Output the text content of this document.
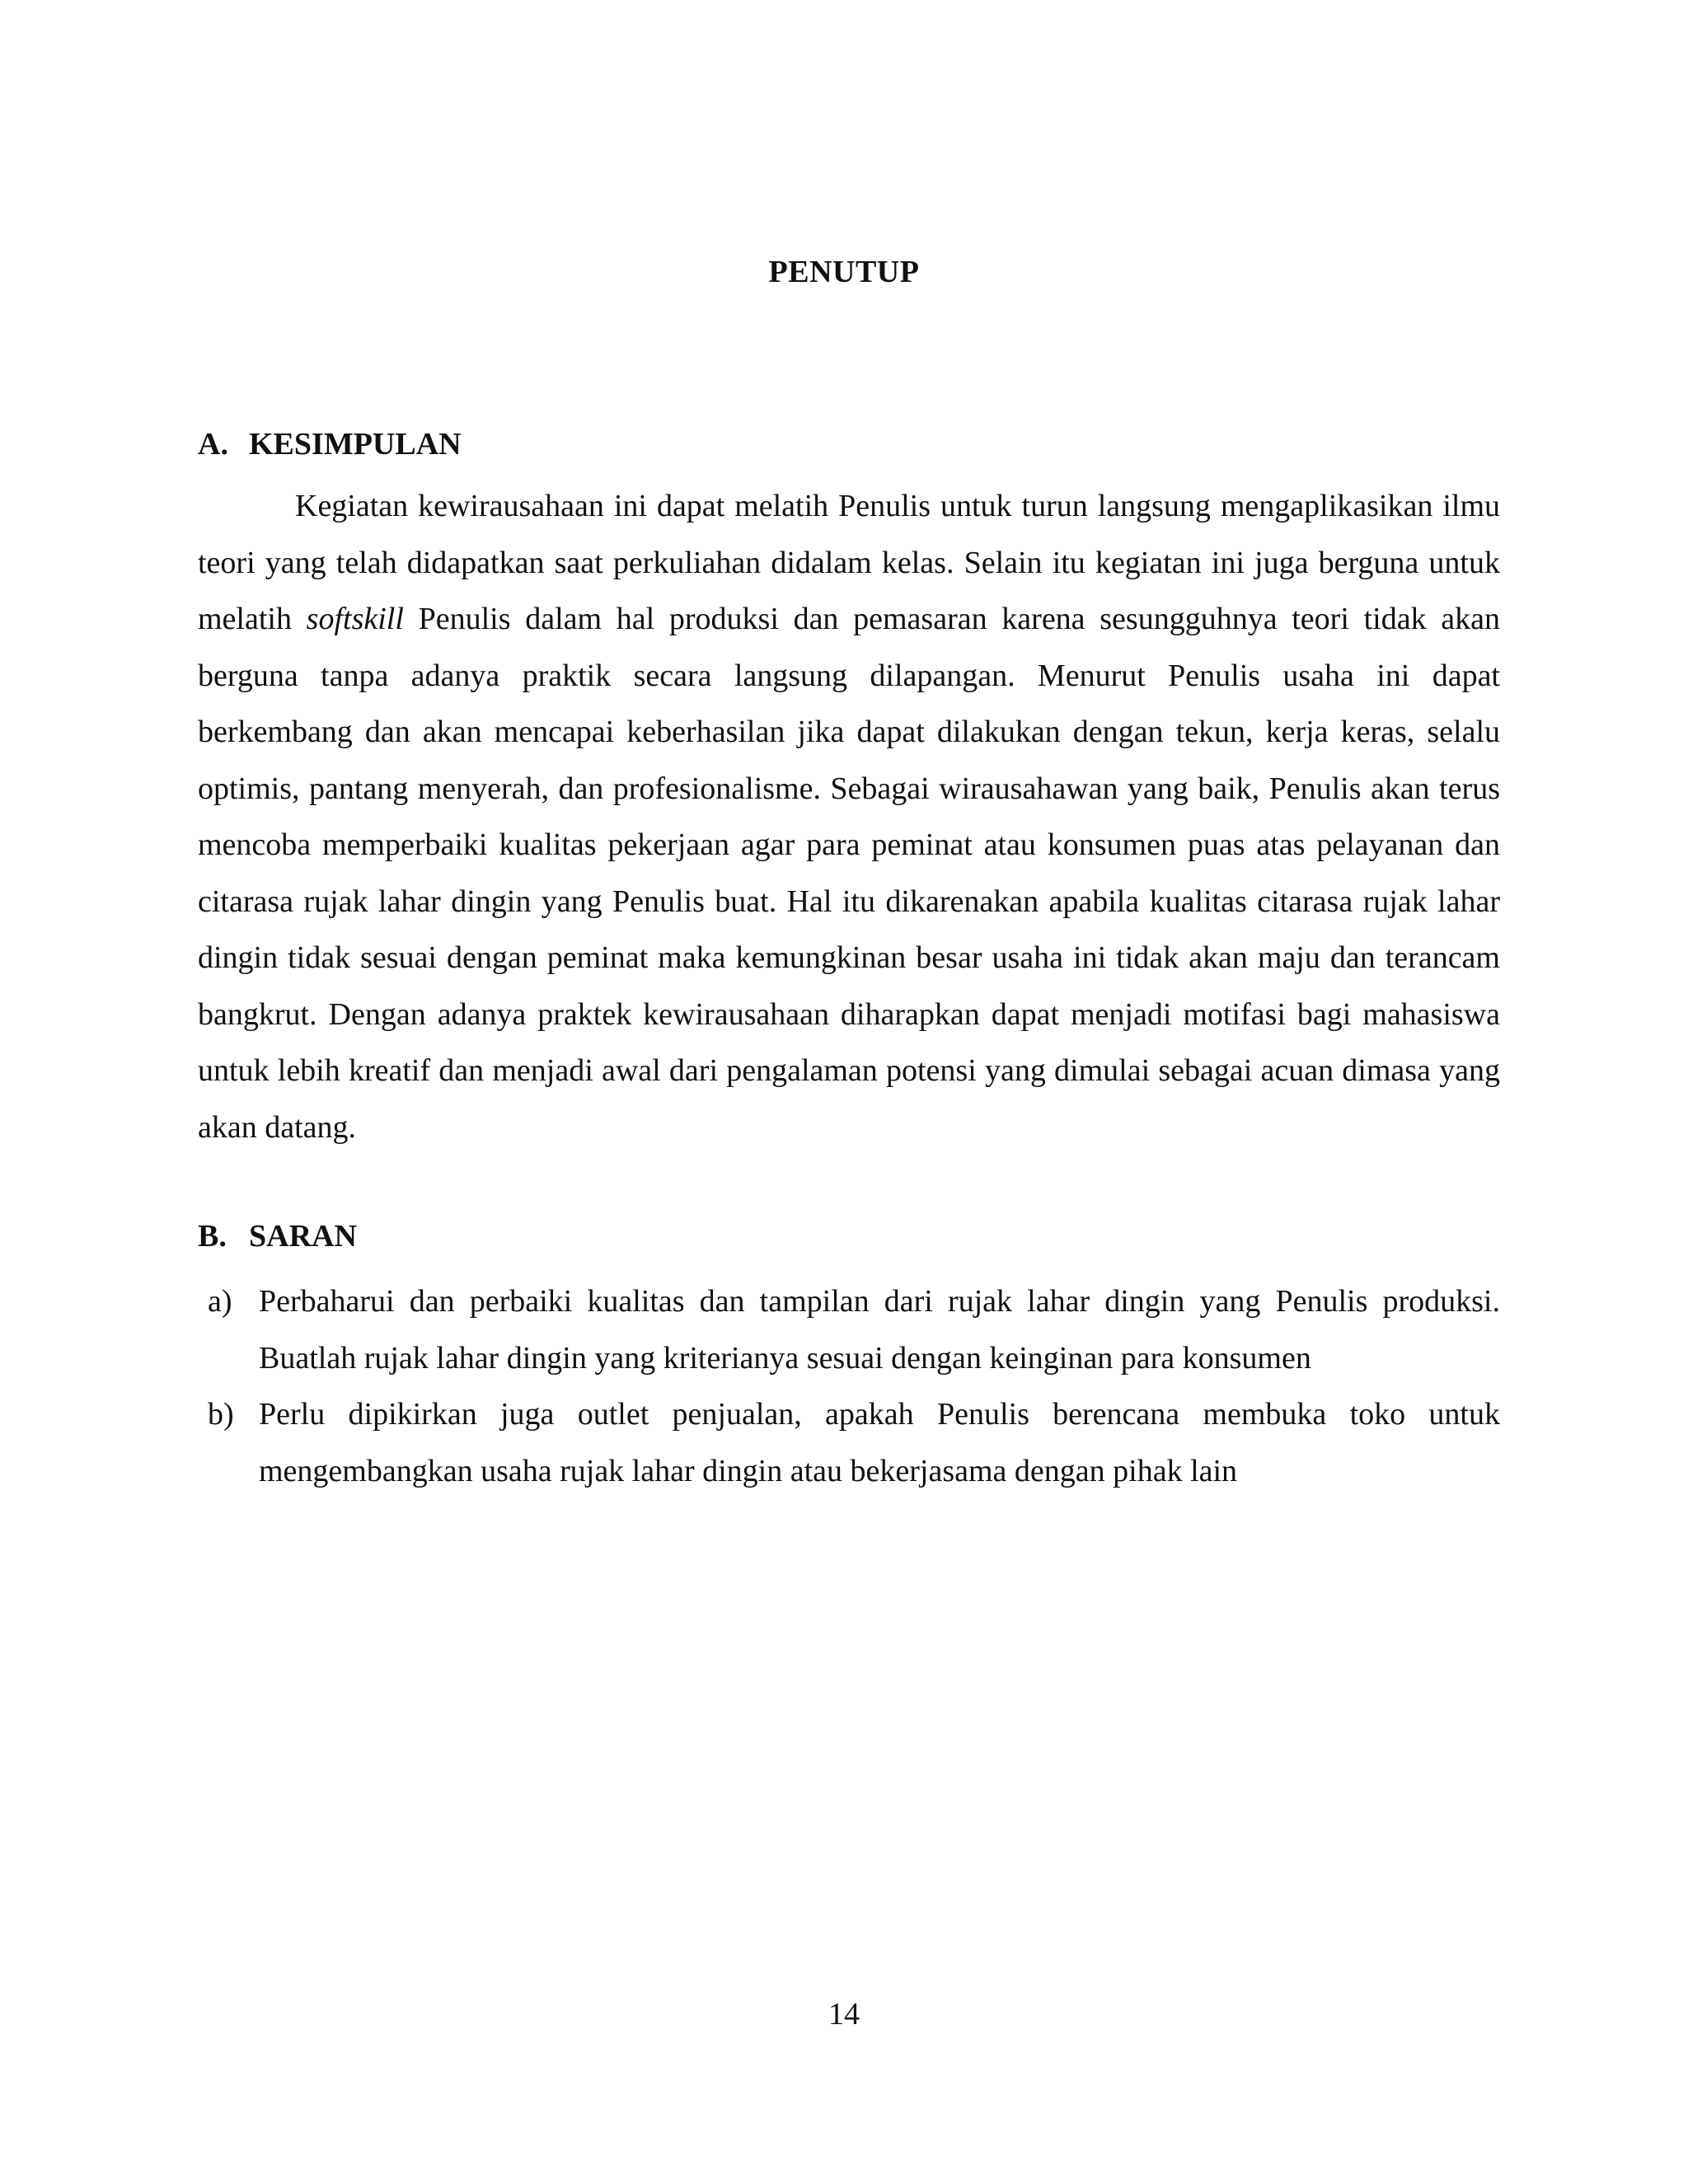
PENUTUP
A. KESIMPULAN

Kegiatan kewirausahaan ini dapat melatih Penulis untuk turun langsung mengaplikasikan ilmu teori yang telah didapatkan saat perkuliahan didalam kelas. Selain itu kegiatan ini juga berguna untuk melatih softskill Penulis dalam hal produksi dan pemasaran karena sesungguhnya teori tidak akan berguna tanpa adanya praktik secara langsung dilapangan. Menurut Penulis usaha ini dapat berkembang dan akan mencapai keberhasilan jika dapat dilakukan dengan tekun, kerja keras, selalu optimis, pantang menyerah, dan profesionalisme. Sebagai wirausahawan yang baik, Penulis akan terus mencoba memperbaiki kualitas pekerjaan agar para peminat atau konsumen puas atas pelayanan dan citarasa rujak lahar dingin yang Penulis buat. Hal itu dikarenakan apabila kualitas citarasa rujak lahar dingin tidak sesuai dengan peminat maka kemungkinan besar usaha ini tidak akan maju dan terancam bangkrut. Dengan adanya praktek kewirausahaan diharapkan dapat menjadi motifasi bagi mahasiswa untuk lebih kreatif dan menjadi awal dari pengalaman potensi yang dimulai sebagai acuan dimasa yang akan datang.

B. SARAN
a) Perbaharui dan perbaiki kualitas dan tampilan dari rujak lahar dingin yang Penulis produksi. Buatlah rujak lahar dingin yang kriterianya sesuai dengan keinginan para konsumen
b) Perlu dipikirkan juga outlet penjualan, apakah Penulis berencana membuka toko untuk mengembangkan usaha rujak lahar dingin atau bekerjasama dengan pihak lain
14
